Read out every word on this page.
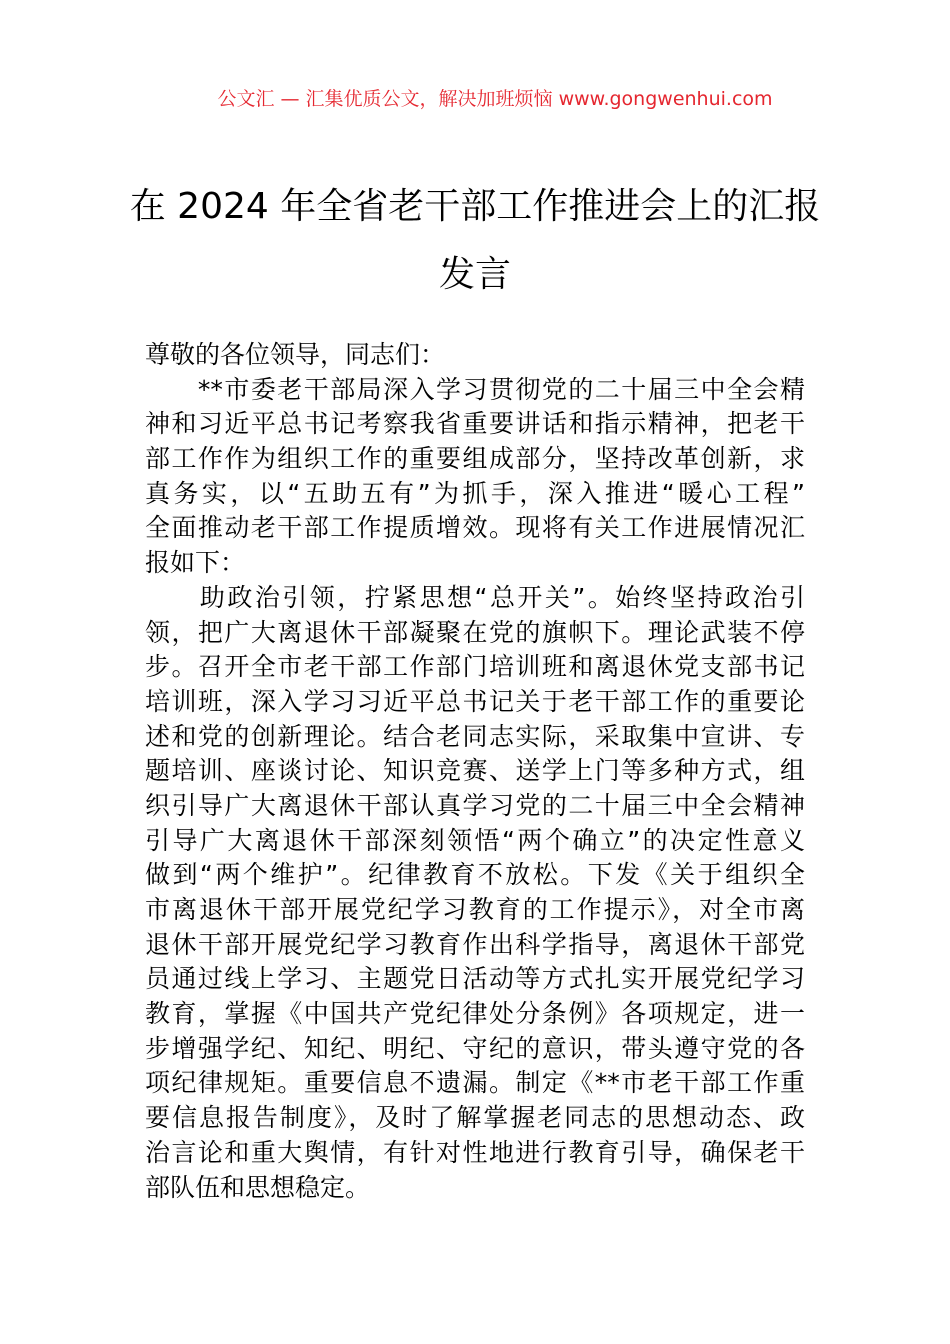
公文汇 — 汇集优质公文，解决加班烦恼 www.gongwenhui.com
在 2024 年全省老干部工作推进会上的汇报
发言
尊敬的各位领导，同志们：
　　**市委老干部局深入学习贯彻党的二十届三中全会精
神和习近平总书记考察我省重要讲话和指示精神，把老干
部工作作为组织工作的重要组成部分，坚持改革创新，求
真务实，以“五助五有”为抓手，深入推进“暖心工程”
全面推动老干部工作提质增效。现将有关工作进展情况汇
报如下：
　　助政治引领，拧紧思想“总开关”。始终坚持政治引
领，把广大离退休干部凝聚在党的旗帜下。理论武装不停
步。召开全市老干部工作部门培训班和离退休党支部书记
培训班，深入学习习近平总书记关于老干部工作的重要论
述和党的创新理论。结合老同志实际，采取集中宣讲、专
题培训、座谈讨论、知识竞赛、送学上门等多种方式，组
织引导广大离退休干部认真学习党的二十届三中全会精神
引导广大离退休干部深刻领悟“两个确立”的决定性意义
做到“两个维护”。纪律教育不放松。下发《关于组织全
市离退休干部开展党纪学习教育的工作提示》，对全市离
退休干部开展党纪学习教育作出科学指导，离退休干部党
员通过线上学习、主题党日活动等方式扎实开展党纪学习
教育，掌握《中国共产党纪律处分条例》各项规定，进一
步增强学纪、知纪、明纪、守纪的意识，带头遵守党的各
项纪律规矩。重要信息不遗漏。制定《**市老干部工作重
要信息报告制度》，及时了解掌握老同志的思想动态、政
治言论和重大舆情，有针对性地进行教育引导，确保老干
部队伍和思想稳定。
